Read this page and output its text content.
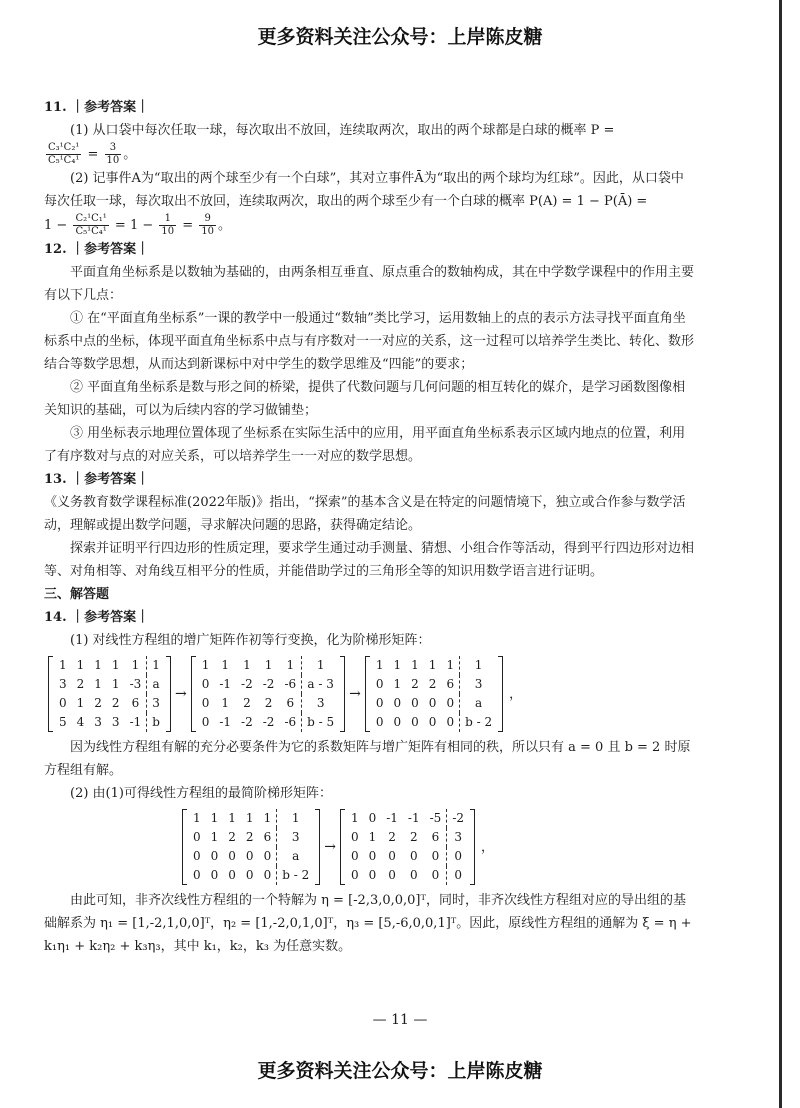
更多资料关注公众号：上岸陈皮糖

11. ｜参考答案｜

(1) 从口袋中每次任取一球，每次取出不放回，连续取两次，取出的两个球都是白球的概率 P =

$\frac{\text{C₃¹C₂¹}}{\text{C₅¹C₄¹}} = \frac{3}{10}$ 。

(2) 记事件A为“取出的两个球至少有一个白球”，其对立事件Ā为“取出的两个球均为红球”。因此，从口袋中每次任取一球，每次取出不放回，连续取两次，取出的两个球至少有一个白球的概率 P(A) = 1 − P(Ā) =

$1 - \frac{\text{C₂¹C₁¹}}{\text{C₅¹C₄¹}} = 1 - \frac{1}{10} = \frac{9}{10}$ 。

12. ｜参考答案｜

平面直角坐标系是以数轴为基础的，由两条相互垂直、原点重合的数轴构成，其在中学数学课程中的作用主要有以下几点：

① 在“平面直角坐标系”一课的教学中一般通过“数轴”类比学习，运用数轴上的点的表示方法寻找平面直角坐标系中点的坐标，体现平面直角坐标系中点与有序数对一一对应的关系，这一过程可以培养学生类比、转化、数形结合等数学思想，从而达到新课标中对中学生的数学思维及“四能”的要求；

② 平面直角坐标系是数与形之间的桥梁，提供了代数问题与几何问题的相互转化的媒介，是学习函数图像相关知识的基础，可以为后续内容的学习做铺垫；

③ 用坐标表示地理位置体现了坐标系在实际生活中的应用，用平面直角坐标系表示区域内地点的位置，利用了有序数对与点的对应关系，可以培养学生一一对应的数学思想。

13. ｜参考答案｜

《义务教育数学课程标准(2022年版)》指出，“探索”的基本含义是在特定的问题情境下，独立或合作参与数学活动，理解或提出数学问题，寻求解决问题的思路，获得确定结论。

探索并证明平行四边形的性质定理，要求学生通过动手测量、猜想、小组合作等活动，得到平行四边形对边相等、对角相等、对角线互相平分的性质，并能借助学过的三角形全等的知识用数学语言进行证明。

三、解答题

14. ｜参考答案｜

(1) 对线性方程组的增广矩阵作初等行变换，化为阶梯形矩阵：

1	1	1	1	1	1
3	2	1	1	-3	a
0	1	2	2	6	3
5	4	3	3	-1	b
→
1	1	1	1	1	1
0	-1	-2	-2	-6	a - 3
0	1	2	2	6	3
0	-1	-2	-2	-6	b - 5
→
1	1	1	1	1	1
0	1	2	2	6	3
0	0	0	0	0	a
0	0	0	0	0	b - 2
，

因为线性方程组有解的充分必要条件为它的系数矩阵与增广矩阵有相同的秩，所以只有 a = 0 且 b = 2 时原方程组有解。

(2) 由(1)可得线性方程组的最简阶梯形矩阵：

1	1	1	1	1	1
0	1	2	2	6	3
0	0	0	0	0	a
0	0	0	0	0	b - 2
→
1	0	-1	-1	-5	-2
0	1	2	2	6	3
0	0	0	0	0	0
0	0	0	0	0	0
，

由此可知，非齐次线性方程组的一个特解为 η = [-2,3,0,0,0]ᵀ，同时，非齐次线性方程组对应的导出组的基础解系为 η₁ = [1,-2,1,0,0]ᵀ，η₂ = [1,-2,0,1,0]ᵀ，η₃ = [5,-6,0,0,1]ᵀ。因此，原线性方程组的通解为 ξ = η + k₁η₁ + k₂η₂ + k₃η₃，其中 k₁，k₂，k₃ 为任意实数。

— 11 —
更多资料关注公众号：上岸陈皮糖
